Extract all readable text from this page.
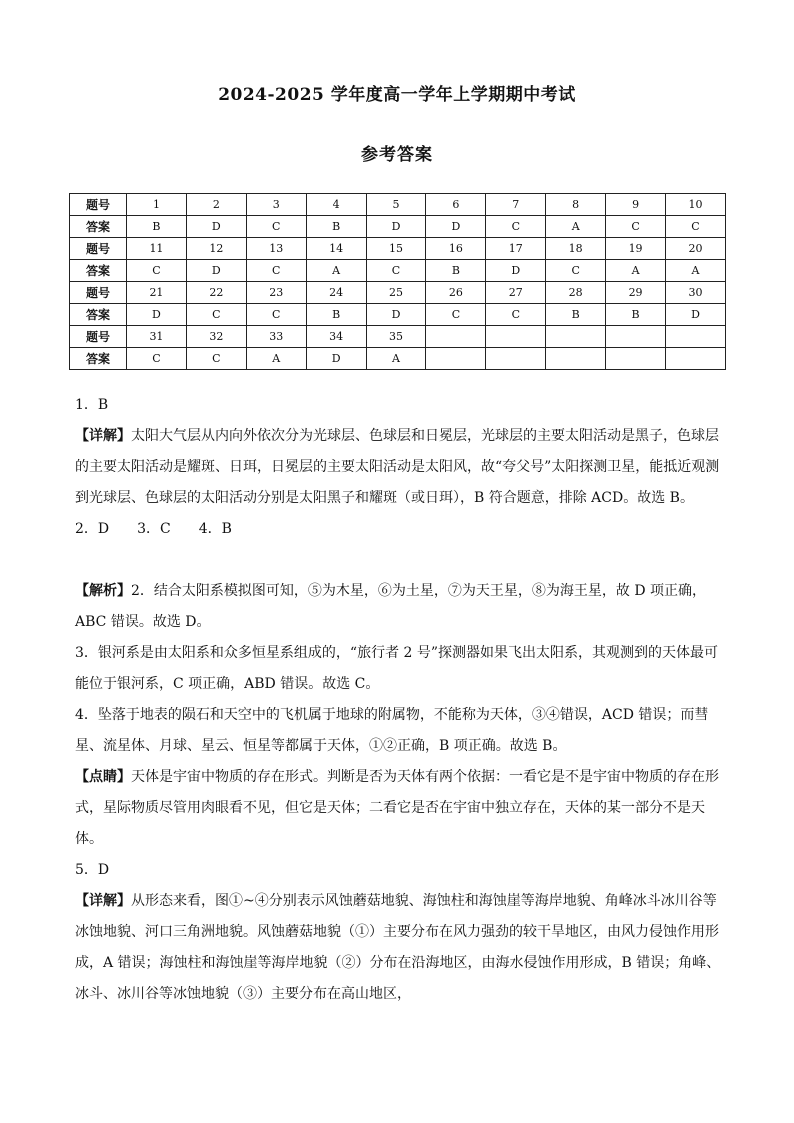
2024-2025 学年度高一学年上学期期中考试
参考答案
题号	1	2	3	4	5	6	7	8	9	10
答案	B	D	C	B	D	D	C	A	C	C
题号	11	12	13	14	15	16	17	18	19	20
答案	C	D	C	A	C	B	D	C	A	A
题号	21	22	23	24	25	26	27	28	29	30
答案	D	C	C	B	D	C	C	B	B	D
题号	31	32	33	34	35					
答案	C	C	A	D	A					

1．B

【详解】太阳大气层从内向外依次分为光球层、色球层和日冕层，光球层的主要太阳活动是黑子，色球层的主要太阳活动是耀斑、日珥，日冕层的主要太阳活动是太阳风，故“夸父号”太阳探测卫星，能抵近观测到光球层、色球层的太阳活动分别是太阳黑子和耀斑（或日珥），B 符合题意，排除 ACD。故选 B。

2．D　　3．C　　4．B

【解析】2．结合太阳系模拟图可知，⑤为木星，⑥为土星，⑦为天王星，⑧为海王星，故 D 项正确，ABC 错误。故选 D。

3．银河系是由太阳系和众多恒星系组成的，“旅行者 2 号”探测器如果飞出太阳系，其观测到的天体最可能位于银河系，C 项正确，ABD 错误。故选 C。

4．坠落于地表的陨石和天空中的飞机属于地球的附属物，不能称为天体，③④错误，ACD 错误；而彗星、流星体、月球、星云、恒星等都属于天体，①②正确，B 项正确。故选 B。

【点睛】天体是宇宙中物质的存在形式。判断是否为天体有两个依据：一看它是不是宇宙中物质的存在形式，星际物质尽管用肉眼看不见，但它是天体；二看它是否在宇宙中独立存在，天体的某一部分不是天体。

5．D

【详解】从形态来看，图①~④分别表示风蚀蘑菇地貌、海蚀柱和海蚀崖等海岸地貌、角峰冰斗冰川谷等冰蚀地貌、河口三角洲地貌。风蚀蘑菇地貌（①）主要分布在风力强劲的较干旱地区，由风力侵蚀作用形成，A 错误；海蚀柱和海蚀崖等海岸地貌（②）分布在沿海地区，由海水侵蚀作用形成，B 错误；角峰、冰斗、冰川谷等冰蚀地貌（③）主要分布在高山地区，
